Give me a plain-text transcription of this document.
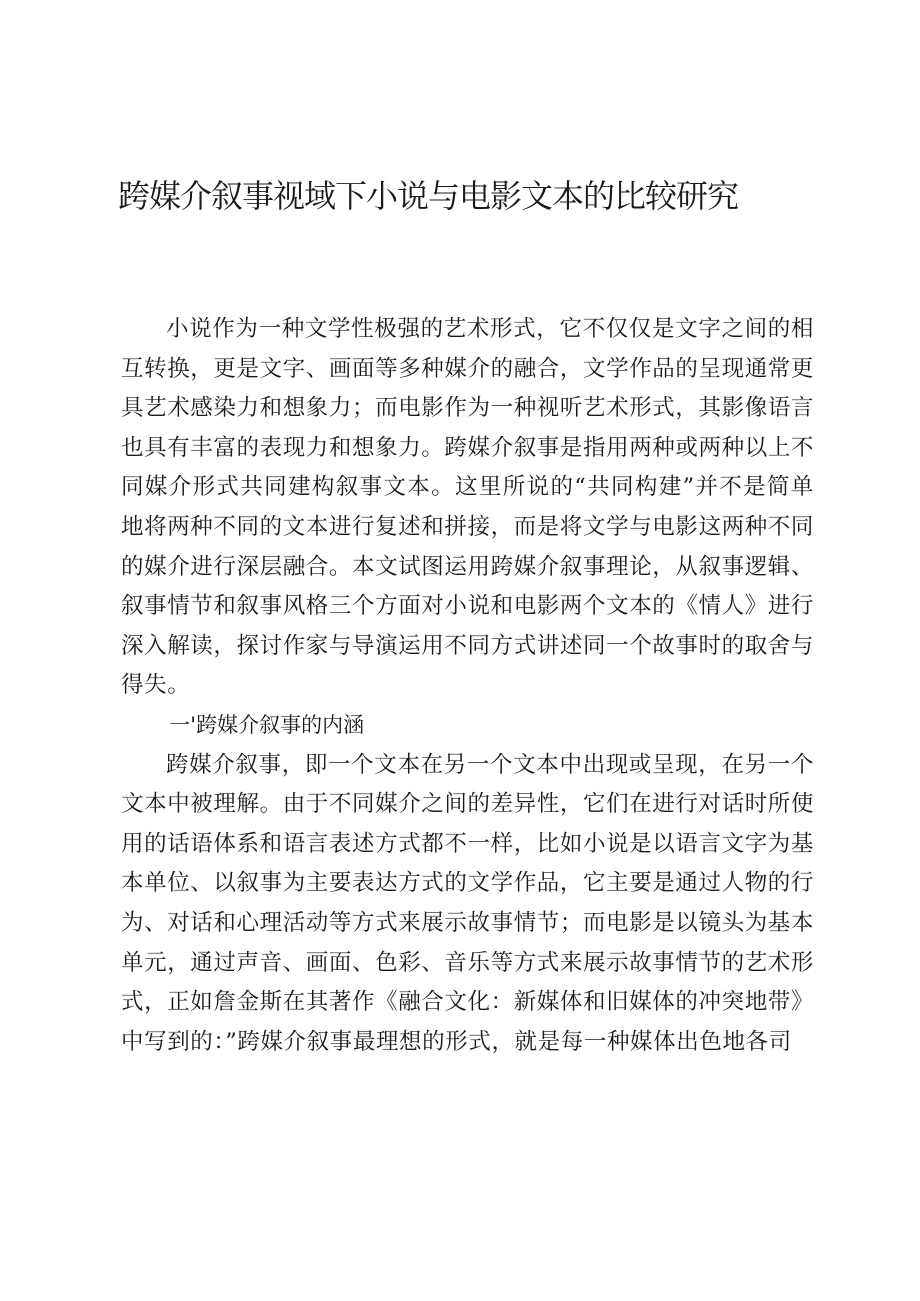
跨媒介叙事视域下小说与电影文本的比较研究

小说作为一种文学性极强的艺术形式，它不仅仅是文字之间的相互转换，更是文字、画面等多种媒介的融合，文学作品的呈现通常更具艺术感染力和想象力；而电影作为一种视听艺术形式，其影像语言也具有丰富的表现力和想象力。跨媒介叙事是指用两种或两种以上不同媒介形式共同建构叙事文本。这里所说的“共同构建”并不是简单地将两种不同的文本进行复述和拼接，而是将文学与电影这两种不同的媒介进行深层融合。本文试图运用跨媒介叙事理论，从叙事逻辑、叙事情节和叙事风格三个方面对小说和电影两个文本的《情人》进行深入解读，探讨作家与导演运用不同方式讲述同一个故事时的取舍与得失。

一'跨媒介叙事的内涵

跨媒介叙事，即一个文本在另一个文本中出现或呈现，在另一个文本中被理解。由于不同媒介之间的差异性，它们在进行对话时所使用的话语体系和语言表述方式都不一样，比如小说是以语言文字为基本单位、以叙事为主要表达方式的文学作品，它主要是通过人物的行为、对话和心理活动等方式来展示故事情节；而电影是以镜头为基本单元，通过声音、画面、色彩、音乐等方式来展示故事情节的艺术形式，正如詹金斯在其著作《融合文化：新媒体和旧媒体的冲突地带》中写到的：”跨媒介叙事最理想的形式，就是每一种媒体出色地各司
